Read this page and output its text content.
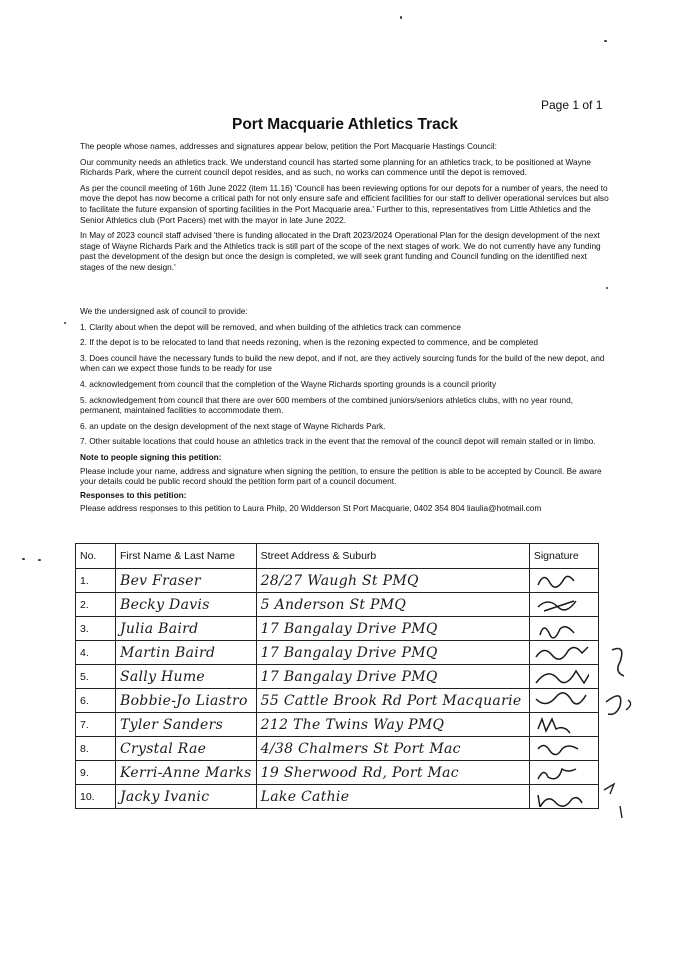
Page 1 of 1
Port Macquarie Athletics Track

The people whose names, addresses and signatures appear below, petition the Port Macquarie Hastings Council:

Our community needs an athletics track. We understand council has started some planning for an athletics track, to be positioned at Wayne Richards Park, where the current council depot resides, and as such, no works can commence until the depot is removed.

As per the council meeting of 16th June 2022 (item 11.16) 'Council has been reviewing options for our depots for a number of years, the need to move the depot has now become a critical path for not only ensure safe and efficient facilities for our staff to deliver operational services but also to facilitate the future expansion of sporting facilities in the Port Macquarie area.' Further to this, representatives from Little Athletics and the Senior Athletics club (Port Pacers) met with the mayor in late June 2022.

In May of 2023 council staff advised 'there is funding allocated in the Draft 2023/2024 Operational Plan for the design development of the next stage of Wayne Richards Park and the Athletics track is still part of the scope of the next stages of work. We do not currently have any funding past the development of the design but once the design is completed, we will seek grant funding and Council funding on the identified next stages of the new design.'

We the undersigned ask of council to provide:

1. Clarity about when the depot will be removed, and when building of the athletics track can commence

2. If the depot is to be relocated to land that needs rezoning, when is the rezoning expected to commence, and be completed

3. Does council have the necessary funds to build the new depot, and if not, are they actively sourcing funds for the build of the new depot, and when can we expect those funds to be ready for use

4. acknowledgement from council that the completion of the Wayne Richards sporting grounds is a council priority

5. acknowledgement from council that there are over 600 members of the combined juniors/seniors athletics clubs, with no year round, permanent, maintained facilities to accommodate them.

6. an update on the design development of the next stage of Wayne Richards Park.

7. Other suitable locations that could house an athletics track in the event that the removal of the council depot will remain stalled or in limbo.

Note to people signing this petition:

Please include your name, address and signature when signing the petition, to ensure the petition is able to be accepted by Council. Be aware your details could be public record should the petition form part of a council document.

Responses to this petition:

Please address responses to this petition to Laura Philp, 20 Widderson St Port Macquarie, 0402 354 804 liaulia@hotmail.com

No.	First Name & Last Name	Street Address & Suburb	Signature
1.	Bev Fraser	28/27 Waugh St PMQ	

2.	Becky Davis	5 Anderson St PMQ	

3.	Julia Baird	17 Bangalay Drive PMQ	

4.	Martin Baird	17 Bangalay Drive PMQ	

5.	Sally Hume	17 Bangalay Drive PMQ	

6.	Bobbie-Jo Liastro	55 Cattle Brook Rd Port Macquarie	

7.	Tyler Sanders	212 The Twins Way PMQ	

8.	Crystal Rae	4/38 Chalmers St Port Mac	

9.	Kerri-Anne Marks	19 Sherwood Rd, Port Mac	

10.	Jacky Ivanic	Lake Cathie	
